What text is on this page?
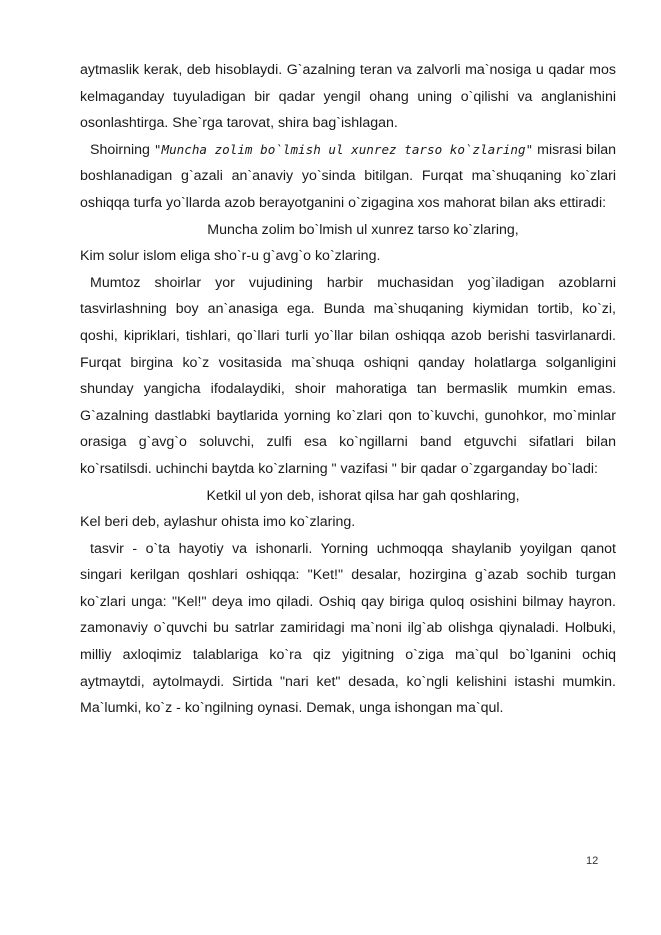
aytmaslik kerak, deb hisoblaydi. G`azalning teran va zalvorli ma`nosiga u qadar mos kelmaganday tuyuladigan bir qadar yengil ohang uning o`qilishi va anglanishini osonlashtirga. She`rga tarovat, shira bag`ishlagan.

Shoirning "Muncha zolim bo`lmish ul xunrez tarso ko`zlaring" misrasi bilan boshlanadigan g`azali an`anaviy yo`sinda bitilgan. Furqat ma`shuqaning ko`zlari oshiqqa turfa yo`llarda azob berayotganini o`zigagina xos mahorat bilan aks ettiradi:

Muncha zolim bo`lmish ul xunrez tarso ko`zlaring,

Kim solur islom eliga sho`r-u g`avg`o ko`zlaring.

Mumtoz shoirlar yor vujudining harbir muchasidan yog`iladigan azoblarni tasvirlashning boy an`anasiga ega. Bunda ma`shuqaning kiymidan tortib, ko`zi, qoshi, kipriklari, tishlari, qo`llari turli yo`llar bilan oshiqqa azob berishi tasvirlanardi. Furqat birgina ko`z vositasida ma`shuqa oshiqni qanday holatlarga solganligini shunday yangicha ifodalaydiki, shoir mahoratiga tan bermaslik mumkin emas. G`azalning dastlabki baytlarida yorning ko`zlari qon to`kuvchi, gunohkor, mo`minlar orasiga g`avg`o soluvchi, zulfi esa ko`ngillarni band etguvchi sifatlari bilan ko`rsatilsdi. uchinchi baytda ko`zlarning " vazifasi " bir qadar o`zgarganday bo`ladi:

Ketkil ul yon deb, ishorat qilsa har gah qoshlaring,

Kel beri deb, aylashur ohista imo ko`zlaring.

tasvir - o`ta hayotiy va ishonarli. Yorning uchmoqqa shaylanib yoyilgan qanot singari kerilgan qoshlari oshiqqa: "Ket!" desalar, hozirgina g`azab sochib turgan ko`zlari unga: "Kel!" deya imo qiladi. Oshiq qay biriga quloq osishini bilmay hayron. zamonaviy o`quvchi bu satrlar zamiridagi ma`noni ilg`ab olishga qiynaladi. Holbuki, milliy axloqimiz talablariga ko`ra qiz yigitning o`ziga ma`qul bo`lganini ochiq aytmaytdi, aytolmaydi. Sirtida "nari ket" desada, ko`ngli kelishini istashi mumkin. Ma`lumki, ko`z - ko`ngilning oynasi. Demak, unga ishongan ma`qul.

12
